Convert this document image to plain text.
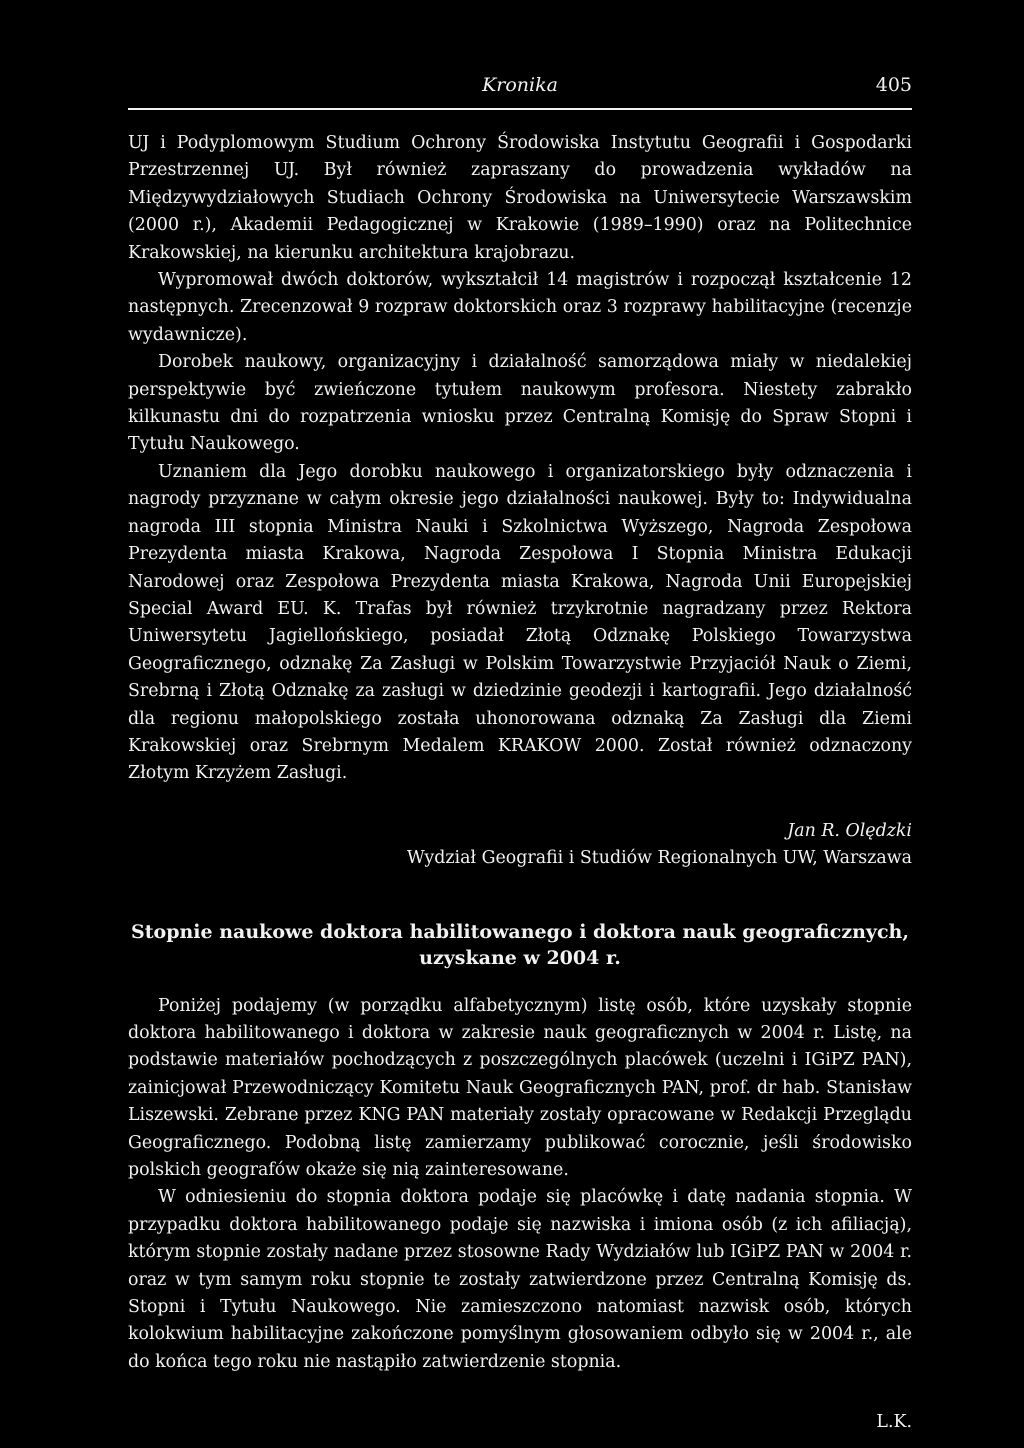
Kronika	405

UJ i Podyplomowym Studium Ochrony Środowiska Instytutu Geografii i Gospodarki Przestrzennej UJ. Był również zapraszany do prowadzenia wykładów na Międzywydziałowych Studiach Ochrony Środowiska na Uniwersytecie Warszawskim (2000 r.), Akademii Pedagogicznej w Krakowie (1989–1990) oraz na Politechnice Krakowskiej, na kierunku architektura krajobrazu.

Wypromował dwóch doktorów, wykształcił 14 magistrów i rozpoczął kształcenie 12 następnych. Zrecenzował 9 rozpraw doktorskich oraz 3 rozprawy habilitacyjne (recenzje wydawnicze).

Dorobek naukowy, organizacyjny i działalność samorządowa miały w niedalekiej perspektywie być zwieńczone tytułem naukowym profesora. Niestety zabrakło kilkunastu dni do rozpatrzenia wniosku przez Centralną Komisję do Spraw Stopni i Tytułu Naukowego.

Uznaniem dla Jego dorobku naukowego i organizatorskiego były odznaczenia i nagrody przyznane w całym okresie jego działalności naukowej. Były to: Indywidualna nagroda III stopnia Ministra Nauki i Szkolnictwa Wyższego, Nagroda Zespołowa Prezydenta miasta Krakowa, Nagroda Zespołowa I Stopnia Ministra Edukacji Narodowej oraz Zespołowa Prezydenta miasta Krakowa, Nagroda Unii Europejskiej Special Award EU. K. Trafas był również trzykrotnie nagradzany przez Rektora Uniwersytetu Jagiellońskiego, posiadał Złotą Odznakę Polskiego Towarzystwa Geograficznego, odznakę Za Zasługi w Polskim Towarzystwie Przyjaciół Nauk o Ziemi, Srebrną i Złotą Odznakę za zasługi w dziedzinie geodezji i kartografii. Jego działalność dla regionu małopolskiego została uhonorowana odznaką Za Zasługi dla Ziemi Krakowskiej oraz Srebrnym Medalem KRAKOW 2000. Został również odznaczony Złotym Krzyżem Zasługi.

Jan R. Olędzki
Wydział Geografii i Studiów Regionalnych UW, Warszawa
Stopnie naukowe doktora habilitowanego i doktora nauk geograficznych,
uzyskane w 2004 r.

Poniżej podajemy (w porządku alfabetycznym) listę osób, które uzyskały stopnie doktora habilitowanego i doktora w zakresie nauk geograficznych w 2004 r. Listę, na podstawie materiałów pochodzących z poszczególnych placówek (uczelni i IGiPZ PAN), zainicjował Przewodniczący Komitetu Nauk Geograficznych PAN, prof. dr hab. Stanisław Liszewski. Zebrane przez KNG PAN materiały zostały opracowane w Redakcji Przeglądu Geograficznego. Podobną listę zamierzamy publikować corocznie, jeśli środowisko polskich geografów okaże się nią zainteresowane.

W odniesieniu do stopnia doktora podaje się placówkę i datę nadania stopnia. W przypadku doktora habilitowanego podaje się nazwiska i imiona osób (z ich afiliacją), którym stopnie zostały nadane przez stosowne Rady Wydziałów lub IGiPZ PAN w 2004 r. oraz w tym samym roku stopnie te zostały zatwierdzone przez Centralną Komisję ds. Stopni i Tytułu Naukowego. Nie zamieszczono natomiast nazwisk osób, których kolokwium habilitacyjne zakończone pomyślnym głosowaniem odbyło się w 2004 r., ale do końca tego roku nie nastąpiło zatwierdzenie stopnia.

L.K.
